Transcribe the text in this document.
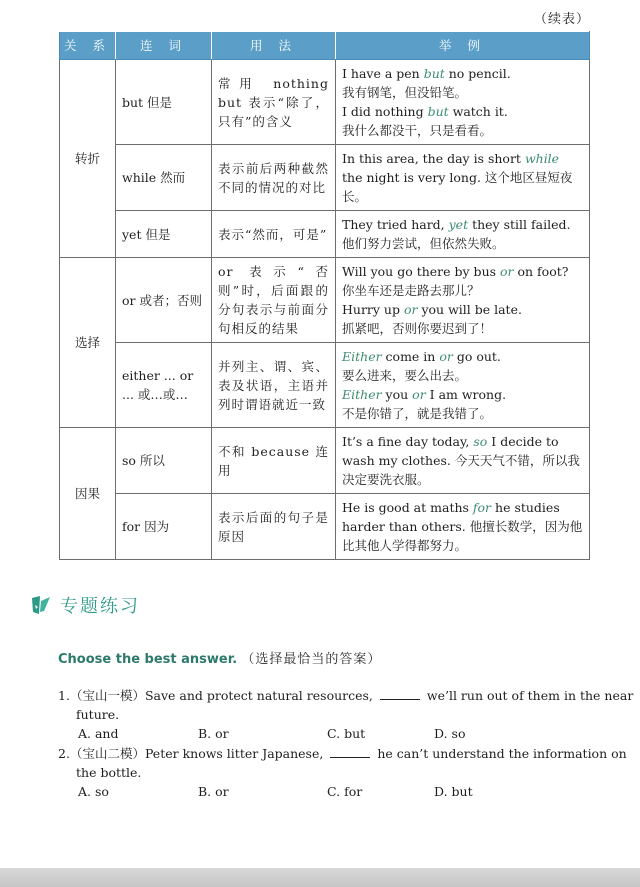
（续表）
关 系	连 词	用 法	举 例
转折	but 但是	常用 nothing but 表示“除了，只有”的含义	I have a pen but no pencil.
我有钢笔，但没铅笔。
I did nothing but watch it.
我什么都没干，只是看看。

	while 然而	表示前后两种截然不同的情况的对比	In this area, the day is short while the night is very long. 这个地区昼短夜长。

	yet 但是	表示“然而，可是”	They tried hard, yet they still failed.
他们努力尝试，但依然失败。

选择	or 或者；否则	or 表示“否则”时，后面跟的分句表示与前面分句相反的结果	Will you go there by bus or on foot?
你坐车还是走路去那儿？
Hurry up or you will be late.
抓紧吧，否则你要迟到了！

	either ... or ... 或…或…	并列主、谓、宾、表及状语，主语并列时谓语就近一致	Either come in or go out.
要么进来，要么出去。
Either you or I am wrong.
不是你错了，就是我错了。

因果	so 所以	不和 because 连用	It’s a fine day today, so I decide to wash my clothes. 今天天气不错，所以我决定要洗衣服。

	for 因为	表示后面的句子是原因	He is good at maths for he studies harder than others. 他擅长数学，因为他比其他人学得都努力。
专题练习
Choose the best answer. （选择最恰当的答案）
1.（宝山一模）Save and protect natural resources,	we’ll run out of them in the near
future.
A. and	B. or	C. but	D. so
2.（宝山二模）Peter knows litter Japanese,	he can’t understand the information on
the bottle.
A. so	B. or	C. for	D. but
